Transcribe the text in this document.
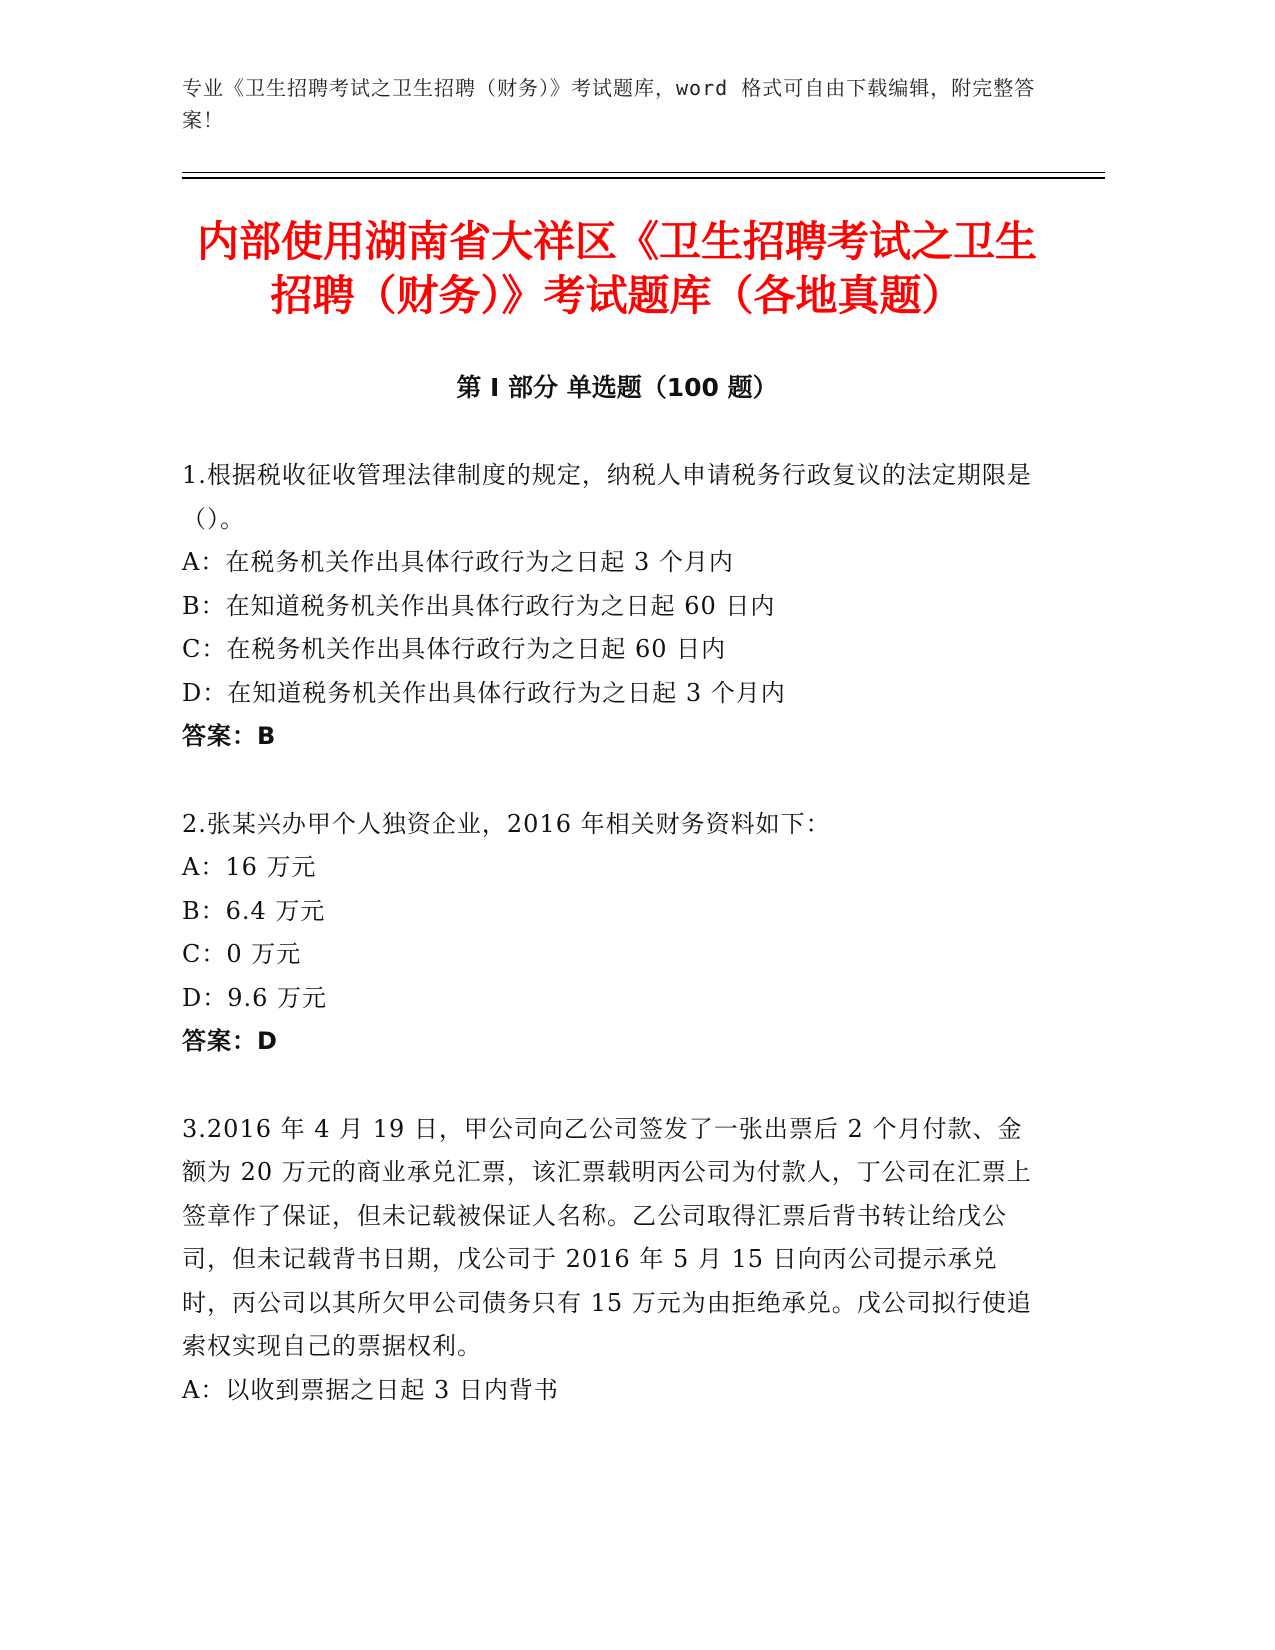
专业《卫生招聘考试之卫生招聘（财务）》考试题库，word 格式可自由下载编辑，附完整答案！
内部使用湖南省大祥区《卫生招聘考试之卫生招聘（财务）》考试题库（各地真题）
第 I 部分 单选题（100 题）

1.根据税收征收管理法律制度的规定，纳税人申请税务行政复议的法定期限是（）。

A：在税务机关作出具体行政行为之日起 3 个月内

B：在知道税务机关作出具体行政行为之日起 60 日内

C：在税务机关作出具体行政行为之日起 60 日内

D：在知道税务机关作出具体行政行为之日起 3 个月内

答案：B

2.张某兴办甲个人独资企业，2016 年相关财务资料如下：

A：16 万元

B：6.4 万元

C：0 万元

D：9.6 万元

答案：D

3.2016 年 4 月 19 日，甲公司向乙公司签发了一张出票后 2 个月付款、金额为 20 万元的商业承兑汇票，该汇票载明丙公司为付款人，丁公司在汇票上签章作了保证，但未记载被保证人名称。乙公司取得汇票后背书转让给戊公司，但未记载背书日期，戊公司于 2016 年 5 月 15 日向丙公司提示承兑时，丙公司以其所欠甲公司债务只有 15 万元为由拒绝承兑。戊公司拟行使追索权实现自己的票据权利。

A：以收到票据之日起 3 日内背书
